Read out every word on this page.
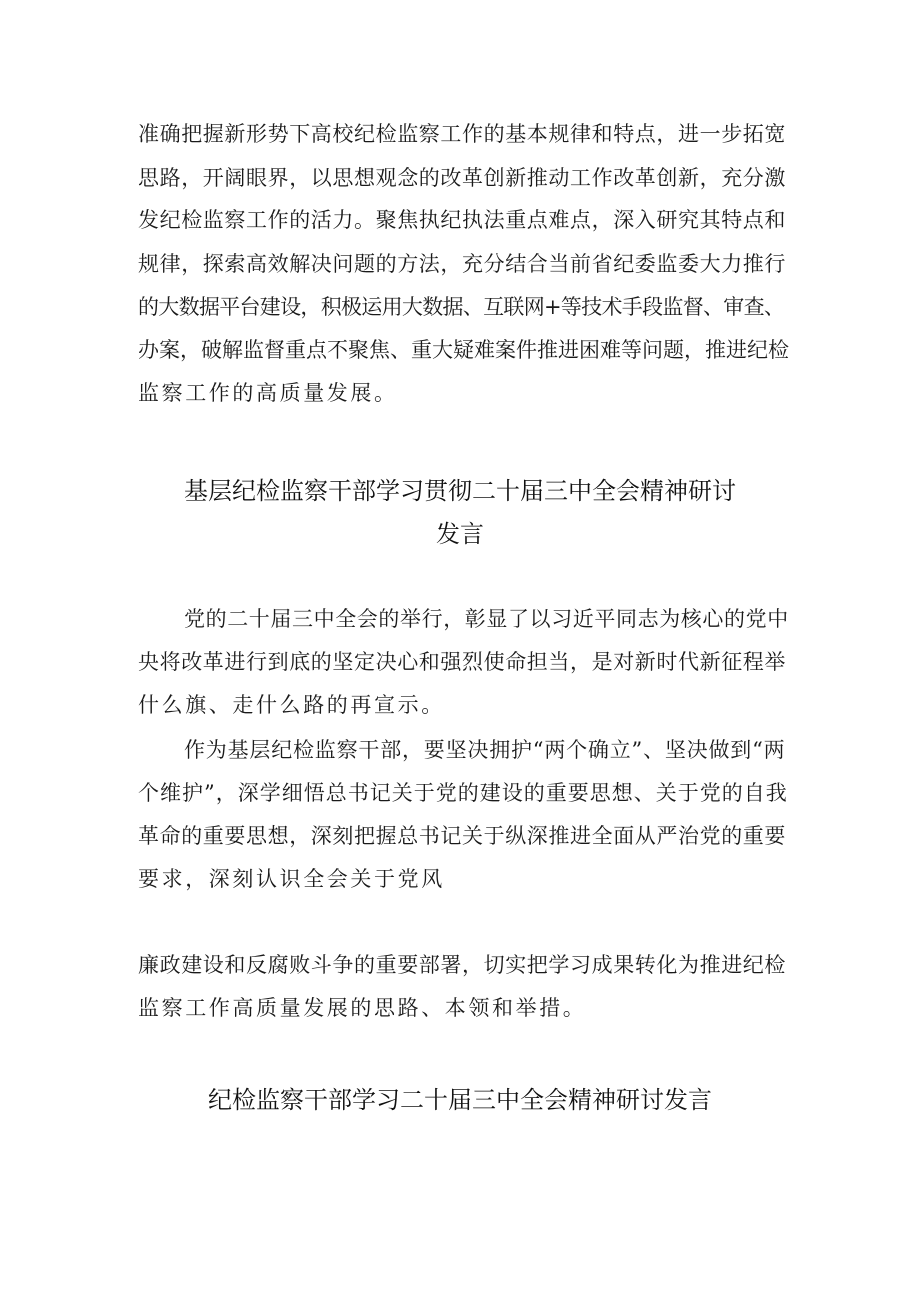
准确把握新形势下高校纪检监察工作的基本规律和特点，进一步拓宽
思路，开阔眼界，以思想观念的改革创新推动工作改革创新，充分激
发纪检监察工作的活力。聚焦执纪执法重点难点，深入研究其特点和
规律，探索高效解决问题的方法，充分结合当前省纪委监委大力推行
的大数据平台建设，积极运用大数据、互联网+等技术手段监督、审查、
办案，破解监督重点不聚焦、重大疑难案件推进困难等问题，推进纪检
监察工作的高质量发展。
基层纪检监察干部学习贯彻二十届三中全会精神研讨
发言
党的二十届三中全会的举行，彰显了以习近平同志为核心的党中
央将改革进行到底的坚定决心和强烈使命担当，是对新时代新征程举
什么旗、走什么路的再宣示。
作为基层纪检监察干部，要坚决拥护“两个确立”、坚决做到“两
个维护”，深学细悟总书记关于党的建设的重要思想、关于党的自我
革命的重要思想，深刻把握总书记关于纵深推进全面从严治党的重要
要求，深刻认识全会关于党风
廉政建设和反腐败斗争的重要部署，切实把学习成果转化为推进纪检
监察工作高质量发展的思路、本领和举措。
纪检监察干部学习二十届三中全会精神研讨发言
